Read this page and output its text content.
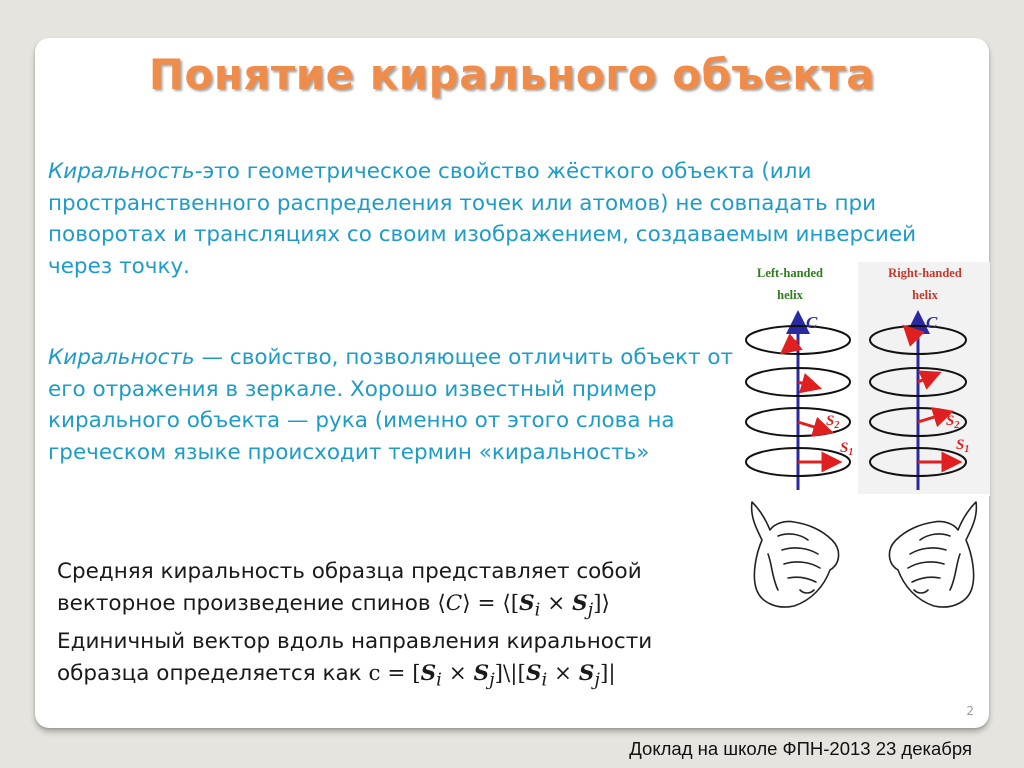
Понятие кирального объекта
Киральность-это геометрическое свойство жёсткого объекта (или пространственного распределения точек или атомов) не совпадать при поворотах и трансляциях со своим изображением, создаваемым инверсией через точку.
Киральность — свойство, позволяющее отличить объект от его отражения в зеркале. Хорошо известный пример кирального объекта — рука (именно от этого слова на греческом языке происходит термин «киральность»
Средняя киральность образца представляет собой
векторное произведение спинов ⟨C⟩ = $⟨[S_i$ × $S_j]⟩$
Единичный вектор вдоль направления киральности
образца определяется как $c = [S_i$ × $S_j]\backslash|[S_i \times S_j]|$
Left-handed
helix
Right-handed
helix
C
$S_2$
$S_1$
C
$S_2$
$S_1$
2
Доклад на школе ФПН-2013 23 декабря
